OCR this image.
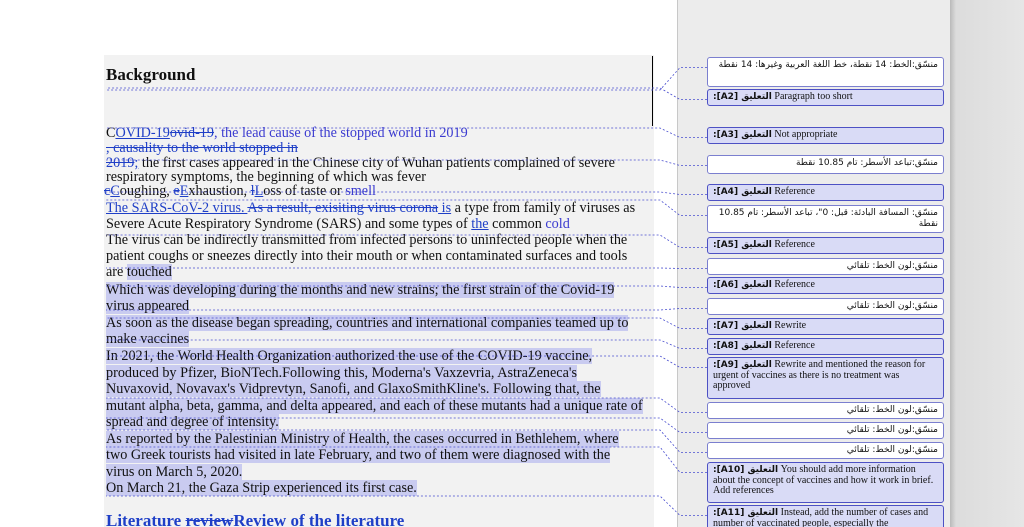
Background
COVID-19ovid-19, the lead cause of the stopped world in 2019
, causality to the world stopped in
2019; the first cases appeared in the Chinese city of Wuhan patients complained of severe
respiratory symptoms, the beginning of which was fever
cCoughing, eExhaustion, lLoss of taste or smell
The SARS-CoV-2 virus. As a result, exisiting virus corona is a type from family of viruses as
Severe Acute Respiratory Syndrome (SARS) and some types of the common cold
The virus can be indirectly transmitted from infected persons to uninfected people when the
patient coughs or sneezes directly into their mouth or when contaminated surfaces and tools
are touched
Which was developing during the months and new strains; the first strain of the Covid-19
virus appeared
As soon as the disease began spreading, countries and international companies teamed up to
make vaccines
In 2021, the World Health Organization authorized the use of the COVID-19 vaccine,
produced by Pfizer, BioNTech.Following this, Moderna's Vaxzevria, AstraZeneca's
Nuvaxovid, Novavax's Vidprevtyn, Sanofi, and GlaxoSmithKline's. Following that, the
mutant alpha, beta, gamma, and delta appeared, and each of these mutants had a unique rate of
spread and degree of intensity.
As reported by the Palestinian Ministry of Health, the cases occurred in Bethlehem, where
two Greek tourists had visited in late February, and two of them were diagnosed with the
virus on March 5, 2020.
On March 21, the Gaza Strip experienced its first case.
Literature reviewReview of the literature
منسّق:الخط: 14 نقطة، خط اللغة العربية وغيرها: 14 نقطة
التعليق [A2]: Paragraph too short
التعليق [A3]: Not appropriate
منسّق:تباعد الأسطر: تام 10.85 نقطة
التعليق [A4]: Reference
منسّق: المسافة البادئة: قبل: 0"، تباعد الأسطر: تام 10.85 نقطة
التعليق [A5]: Reference
منسّق:لون الخط: تلقائي
التعليق [A6]: Reference
منسّق:لون الخط: تلقائي
التعليق [A7]: Rewrite
التعليق [A8]: Reference
التعليق [A9]: Rewrite and mentioned the reason for urgent of vaccines as there is no treatment was approved
منسّق:لون الخط: تلقائي
منسّق:لون الخط: تلقائي
منسّق:لون الخط: تلقائي
التعليق [A10]: You should add more information about the concept of vaccines and how it work in brief. Add references
التعليق [A11]: Instead, add the number of cases and number of vaccinated people, especially the
